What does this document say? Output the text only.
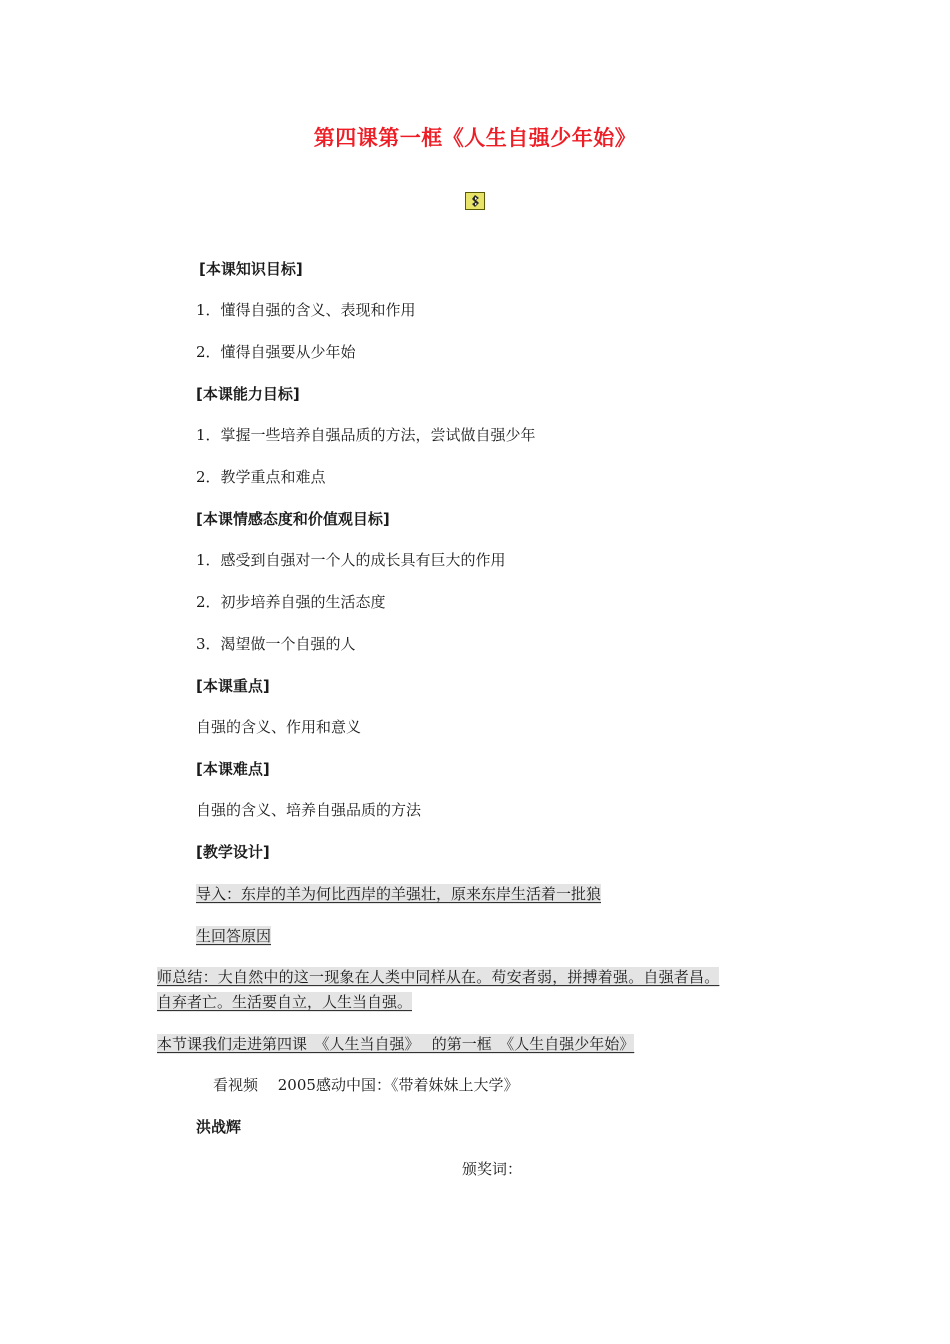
第四课第一框《人生自强少年始》
[本课知识目标]
1．懂得自强的含义、表现和作用
2．懂得自强要从少年始
[本课能力目标]
1．掌握一些培养自强品质的方法，尝试做自强少年
2．教学重点和难点
[本课情感态度和价值观目标]
1．感受到自强对一个人的成长具有巨大的作用
2．初步培养自强的生活态度
3．渴望做一个自强的人
[本课重点]
自强的含义、作用和意义
[本课难点]
自强的含义、培养自强品质的方法
[教学设计]
导入：东岸的羊为何比西岸的羊强壮，原来东岸生活着一批狼
生回答原因
师总结：大自然中的这一现象在人类中同样从在。苟安者弱，拼搏着强。自强者昌。
自弃者亡。生活要自立，人生当自强。
本节课我们走进第四课　《人生当自强》　 的第一框　《人生自强少年始》
看视频　 2005感动中国：《带着妹妹上大学》
洪战辉
颁奖词：
